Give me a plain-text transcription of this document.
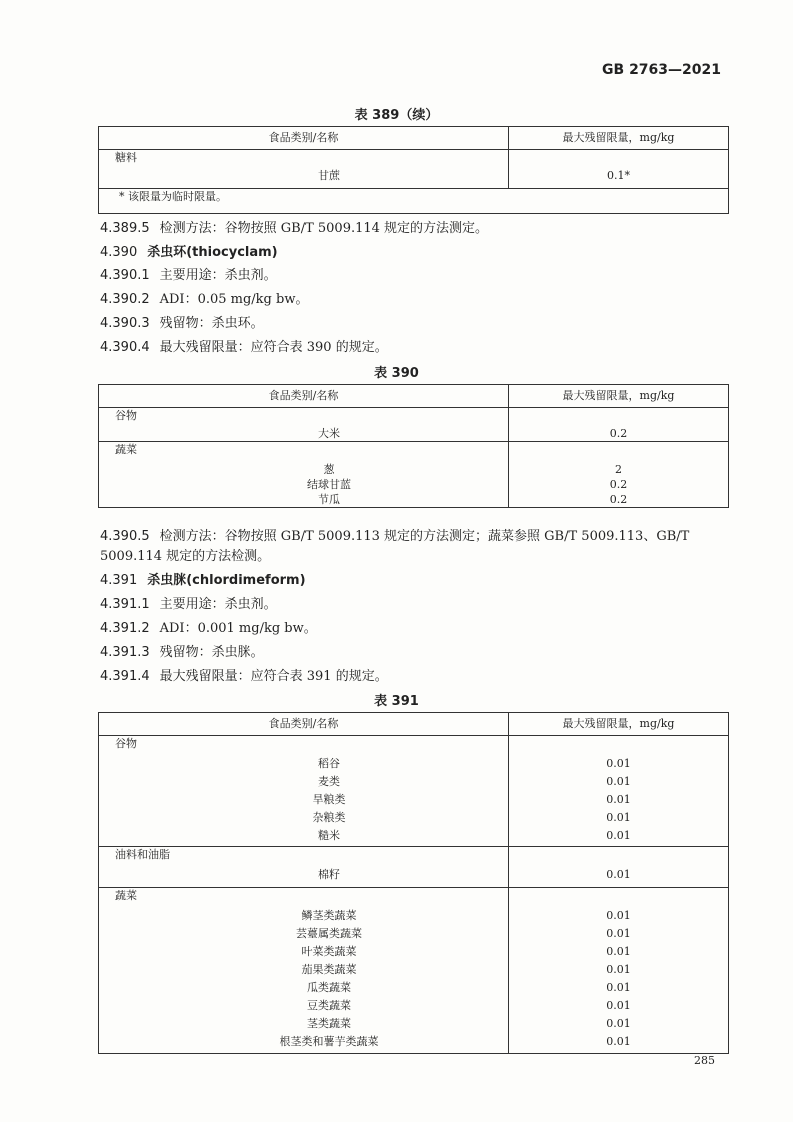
GB 2763—2021
表 389（续）
食品类别/名称	最大残留限量，mg/kg
糖料	

甘蔗	0.1*
* 该限量为临时限量。	
4.389.5 检测方法：谷物按照 GB/T 5009.114 规定的方法测定。
4.390 杀虫环(thiocyclam)
4.390.1 主要用途：杀虫剂。
4.390.2 ADI：0.05 mg/kg bw。
4.390.3 残留物：杀虫环。
4.390.4 最大残留限量：应符合表 390 的规定。
表 390
食品类别/名称	最大残留限量，mg/kg
谷物	

大米	0.2
蔬菜	

葱	2

结球甘蓝	0.2

节瓜	0.2
4.390.5 检测方法：谷物按照 GB/T 5009.113 规定的方法测定；蔬菜参照 GB/T 5009.113、GB/T 5009.114 规定的方法检测。
4.391 杀虫脒(chlordimeform)
4.391.1 主要用途：杀虫剂。
4.391.2 ADI：0.001 mg/kg bw。
4.391.3 残留物：杀虫脒。
4.391.4 最大残留限量：应符合表 391 的规定。
表 391
食品类别/名称	最大残留限量，mg/kg
谷物	

稻谷	0.01

麦类	0.01

旱粮类	0.01

杂粮类	0.01

糙米	0.01
油料和油脂	

棉籽	0.01
蔬菜	

鳞茎类蔬菜	0.01

芸薹属类蔬菜	0.01

叶菜类蔬菜	0.01

茄果类蔬菜	0.01

瓜类蔬菜	0.01

豆类蔬菜	0.01

茎类蔬菜	0.01

根茎类和薯芋类蔬菜	0.01
285
